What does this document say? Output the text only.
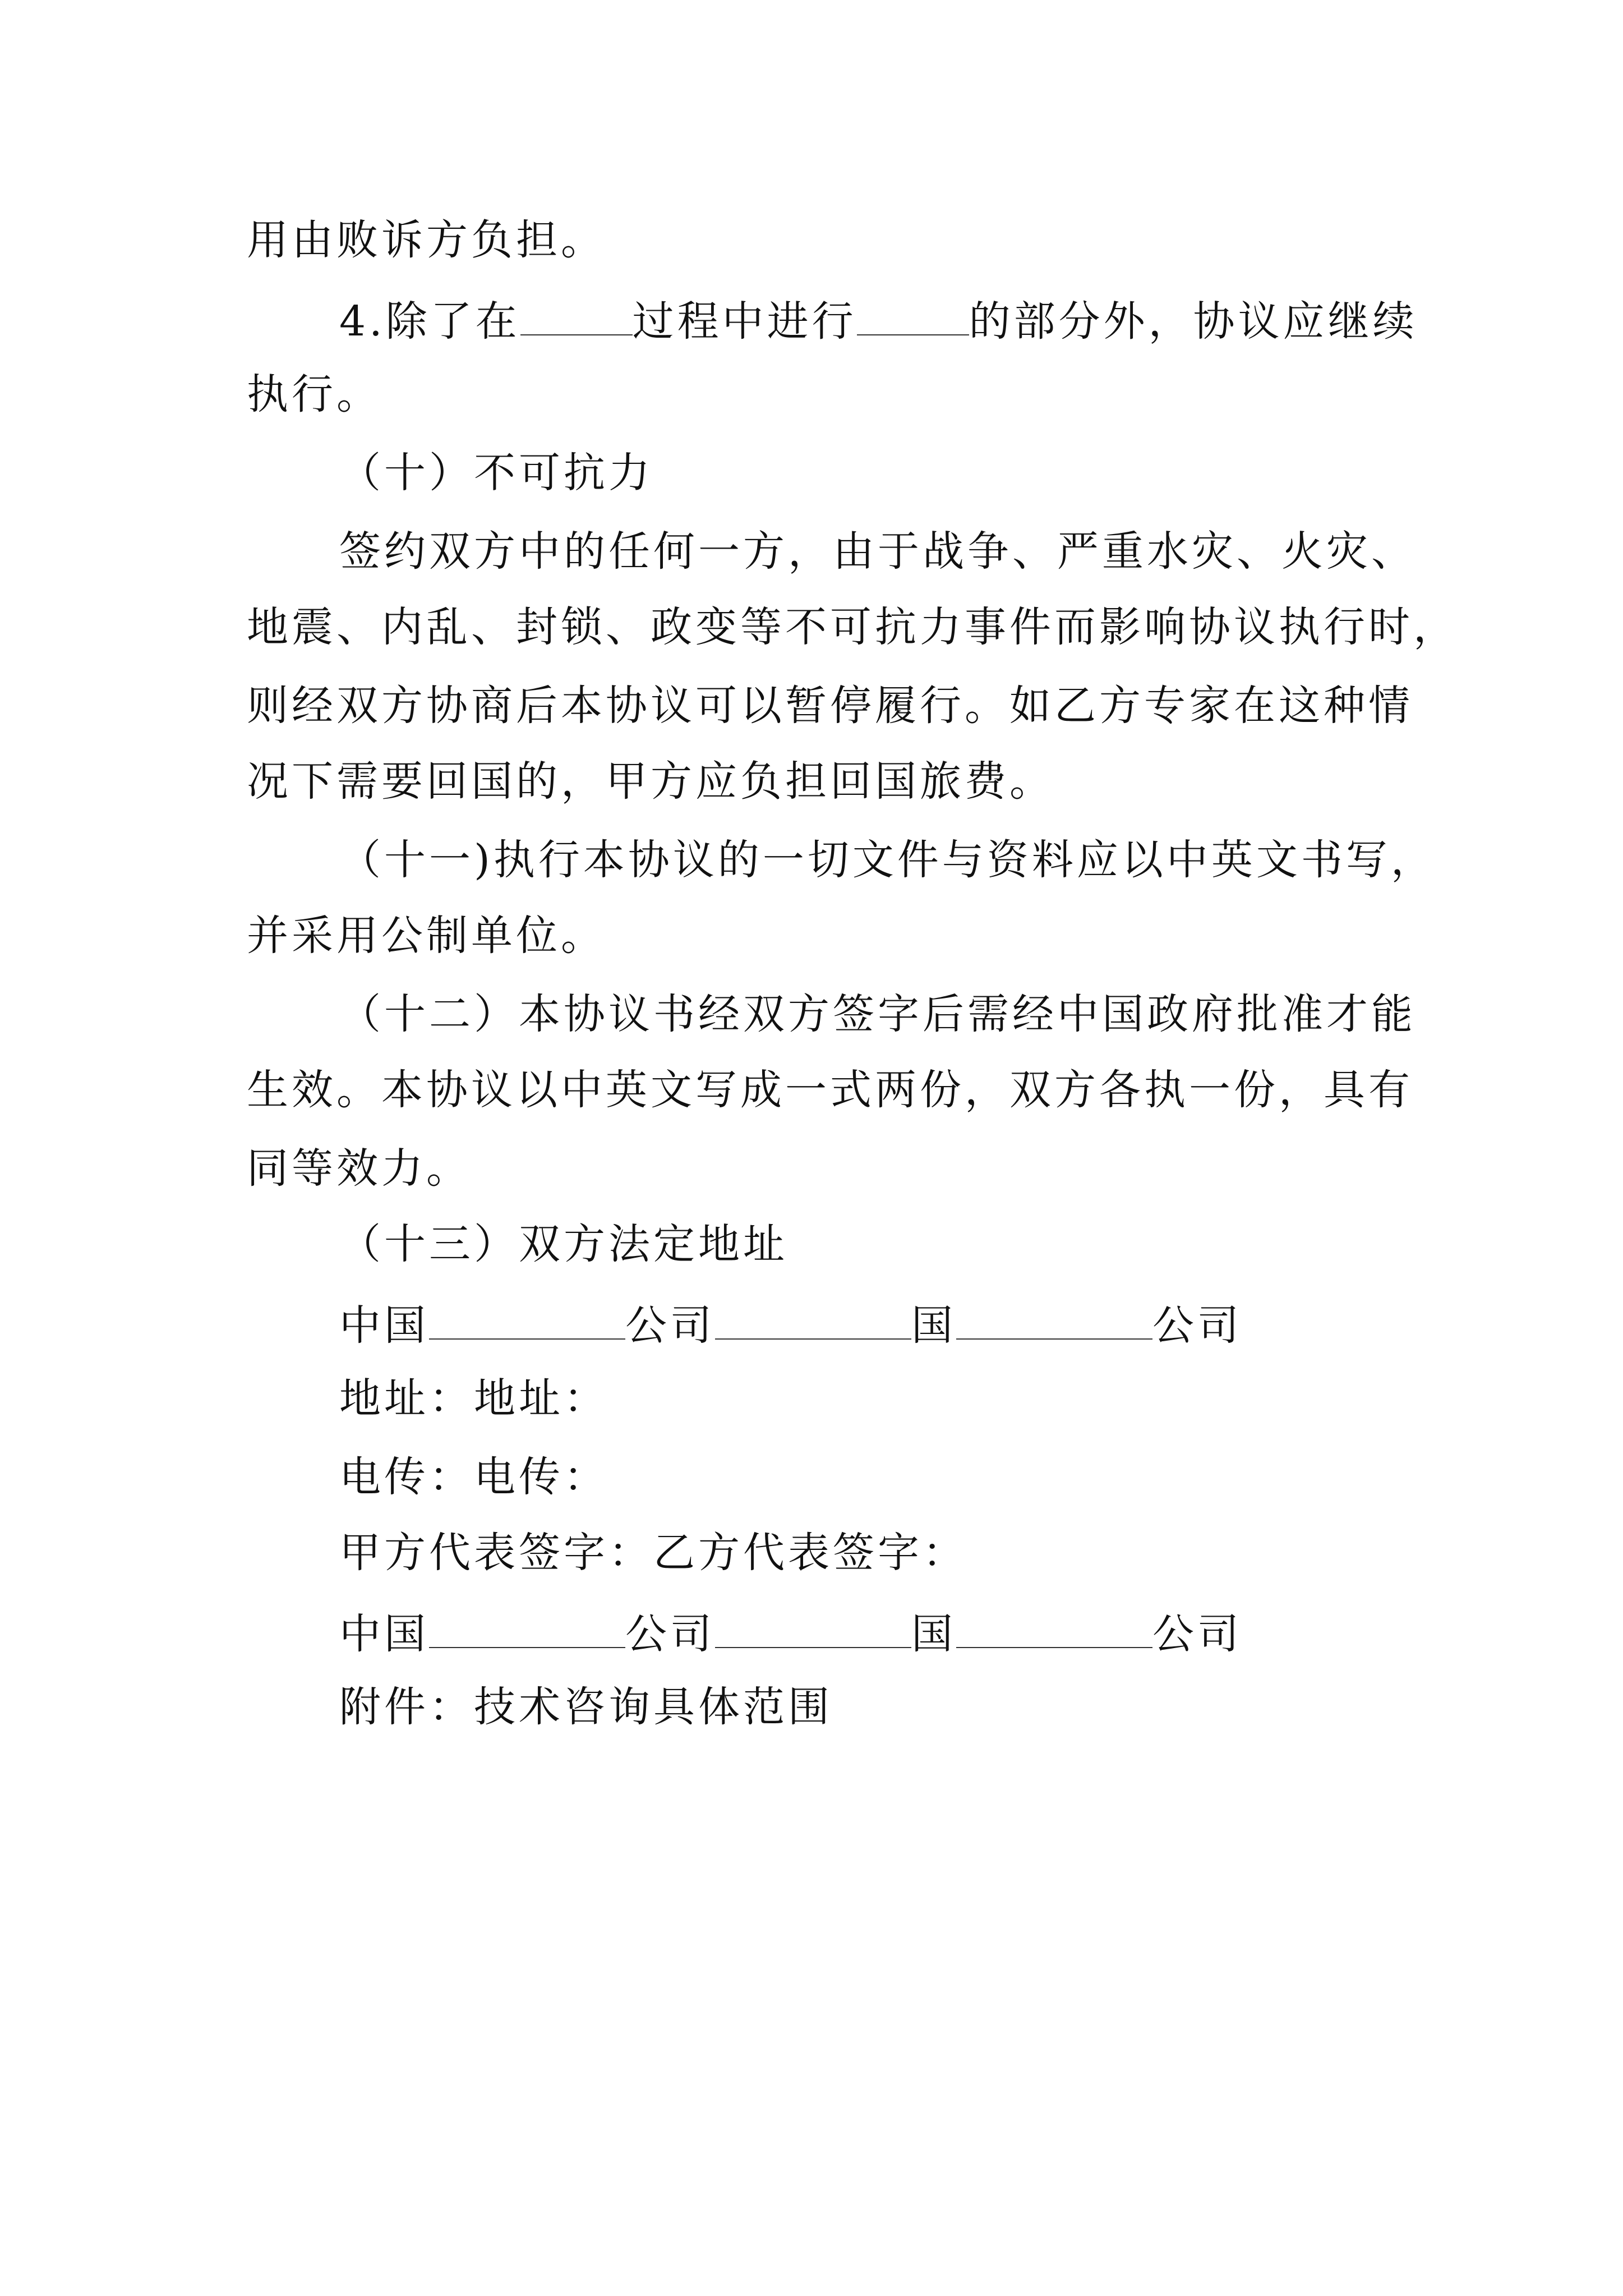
用由败诉方负担。
4.除了在	过程中进行	的部分外，协议应继续
执行。
（十）不可抗力
签约双方中的任何一方，由于战争、严重水灾、火灾、
地震、内乱、封锁、政变等不可抗力事件而影响协议执行时，
则经双方协商后本协议可以暂停履行。如乙方专家在这种情
况下需要回国的，甲方应负担回国旅费。
（十一)执行本协议的一切文件与资料应以中英文书写，
并采用公制单位。
（十二）本协议书经双方签字后需经中国政府批准才能
生效。本协议以中英文写成一式两份，双方各执一份，具有
同等效力。
（十三）双方法定地址
中国	公司	国	公司
地址：地址：
电传：电传：
甲方代表签字：乙方代表签字：
中国	公司	国	公司
附件：技术咨询具体范围
